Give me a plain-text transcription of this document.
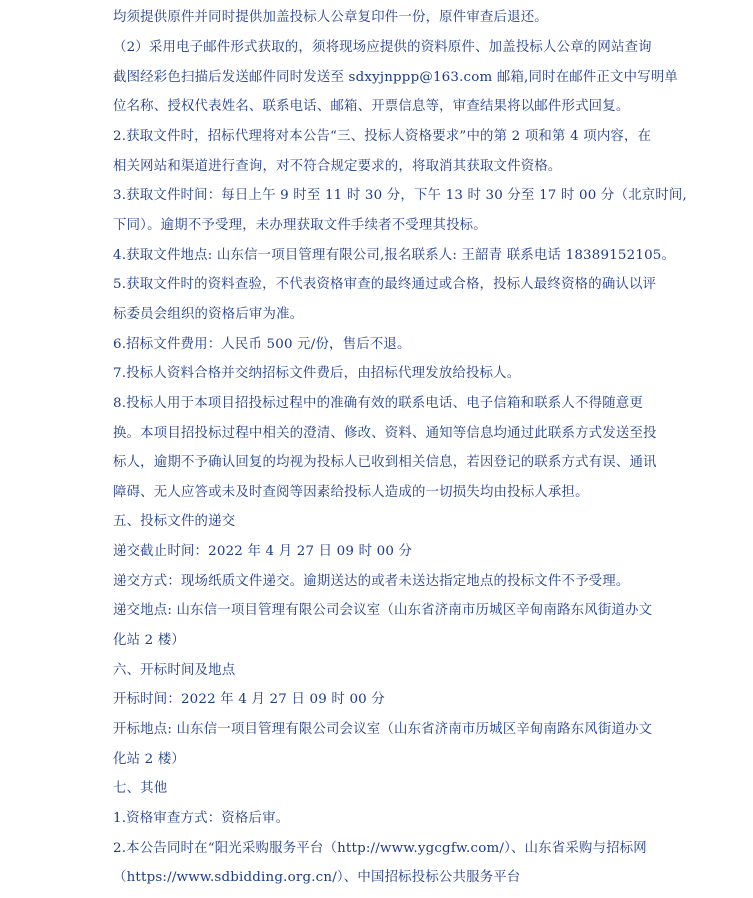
均须提供原件并同时提供加盖投标人公章复印件一份，原件审查后退还。
（2）采用电子邮件形式获取的，须将现场应提供的资料原件、加盖投标人公章的网站查询
截图经彩色扫描后发送邮件同时发送至 sdxyjnppp@163.com 邮箱,同时在邮件正文中写明单
位名称、授权代表姓名、联系电话、邮箱、开票信息等，审查结果将以邮件形式回复。
2.获取文件时，招标代理将对本公告“三、投标人资格要求”中的第 2 项和第 4 项内容，在
相关网站和渠道进行查询，对不符合规定要求的，将取消其获取文件资格。
3.获取文件时间：每日上午 9 时至 11 时 30 分，下午 13 时 30 分至 17 时 00 分（北京时间,
下同）。逾期不予受理，未办理获取文件手续者不受理其投标。
4.获取文件地点: 山东信一项目管理有限公司,报名联系人: 王韶青 联系电话 18389152105。
5.获取文件时的资料查验，不代表资格审查的最终通过或合格，投标人最终资格的确认以评
标委员会组织的资格后审为准。
6.招标文件费用：人民币 500 元/份，售后不退。
7.投标人资料合格并交纳招标文件费后，由招标代理发放给投标人。
8.投标人用于本项目招投标过程中的准确有效的联系电话、电子信箱和联系人不得随意更
换。本项目招投标过程中相关的澄清、修改、资料、通知等信息均通过此联系方式发送至投
标人，逾期不予确认回复的均视为投标人已收到相关信息，若因登记的联系方式有误、通讯
障碍、无人应答或未及时查阅等因素给投标人造成的一切损失均由投标人承担。
五、投标文件的递交
递交截止时间：2022 年 4 月 27 日 09 时 00 分
递交方式：现场纸质文件递交。逾期送达的或者未送达指定地点的投标文件不予受理。
递交地点: 山东信一项目管理有限公司会议室（山东省济南市历城区辛甸南路东风街道办文
化站 2 楼）
六、开标时间及地点
开标时间：2022 年 4 月 27 日 09 时 00 分
开标地点: 山东信一项目管理有限公司会议室（山东省济南市历城区辛甸南路东风街道办文
化站 2 楼）
七、其他
1.资格审查方式：资格后审。
2.本公告同时在“阳光采购服务平台（http://www.ygcgfw.com/）、山东省采购与招标网
（https://www.sdbidding.org.cn/）、中国招标投标公共服务平台
